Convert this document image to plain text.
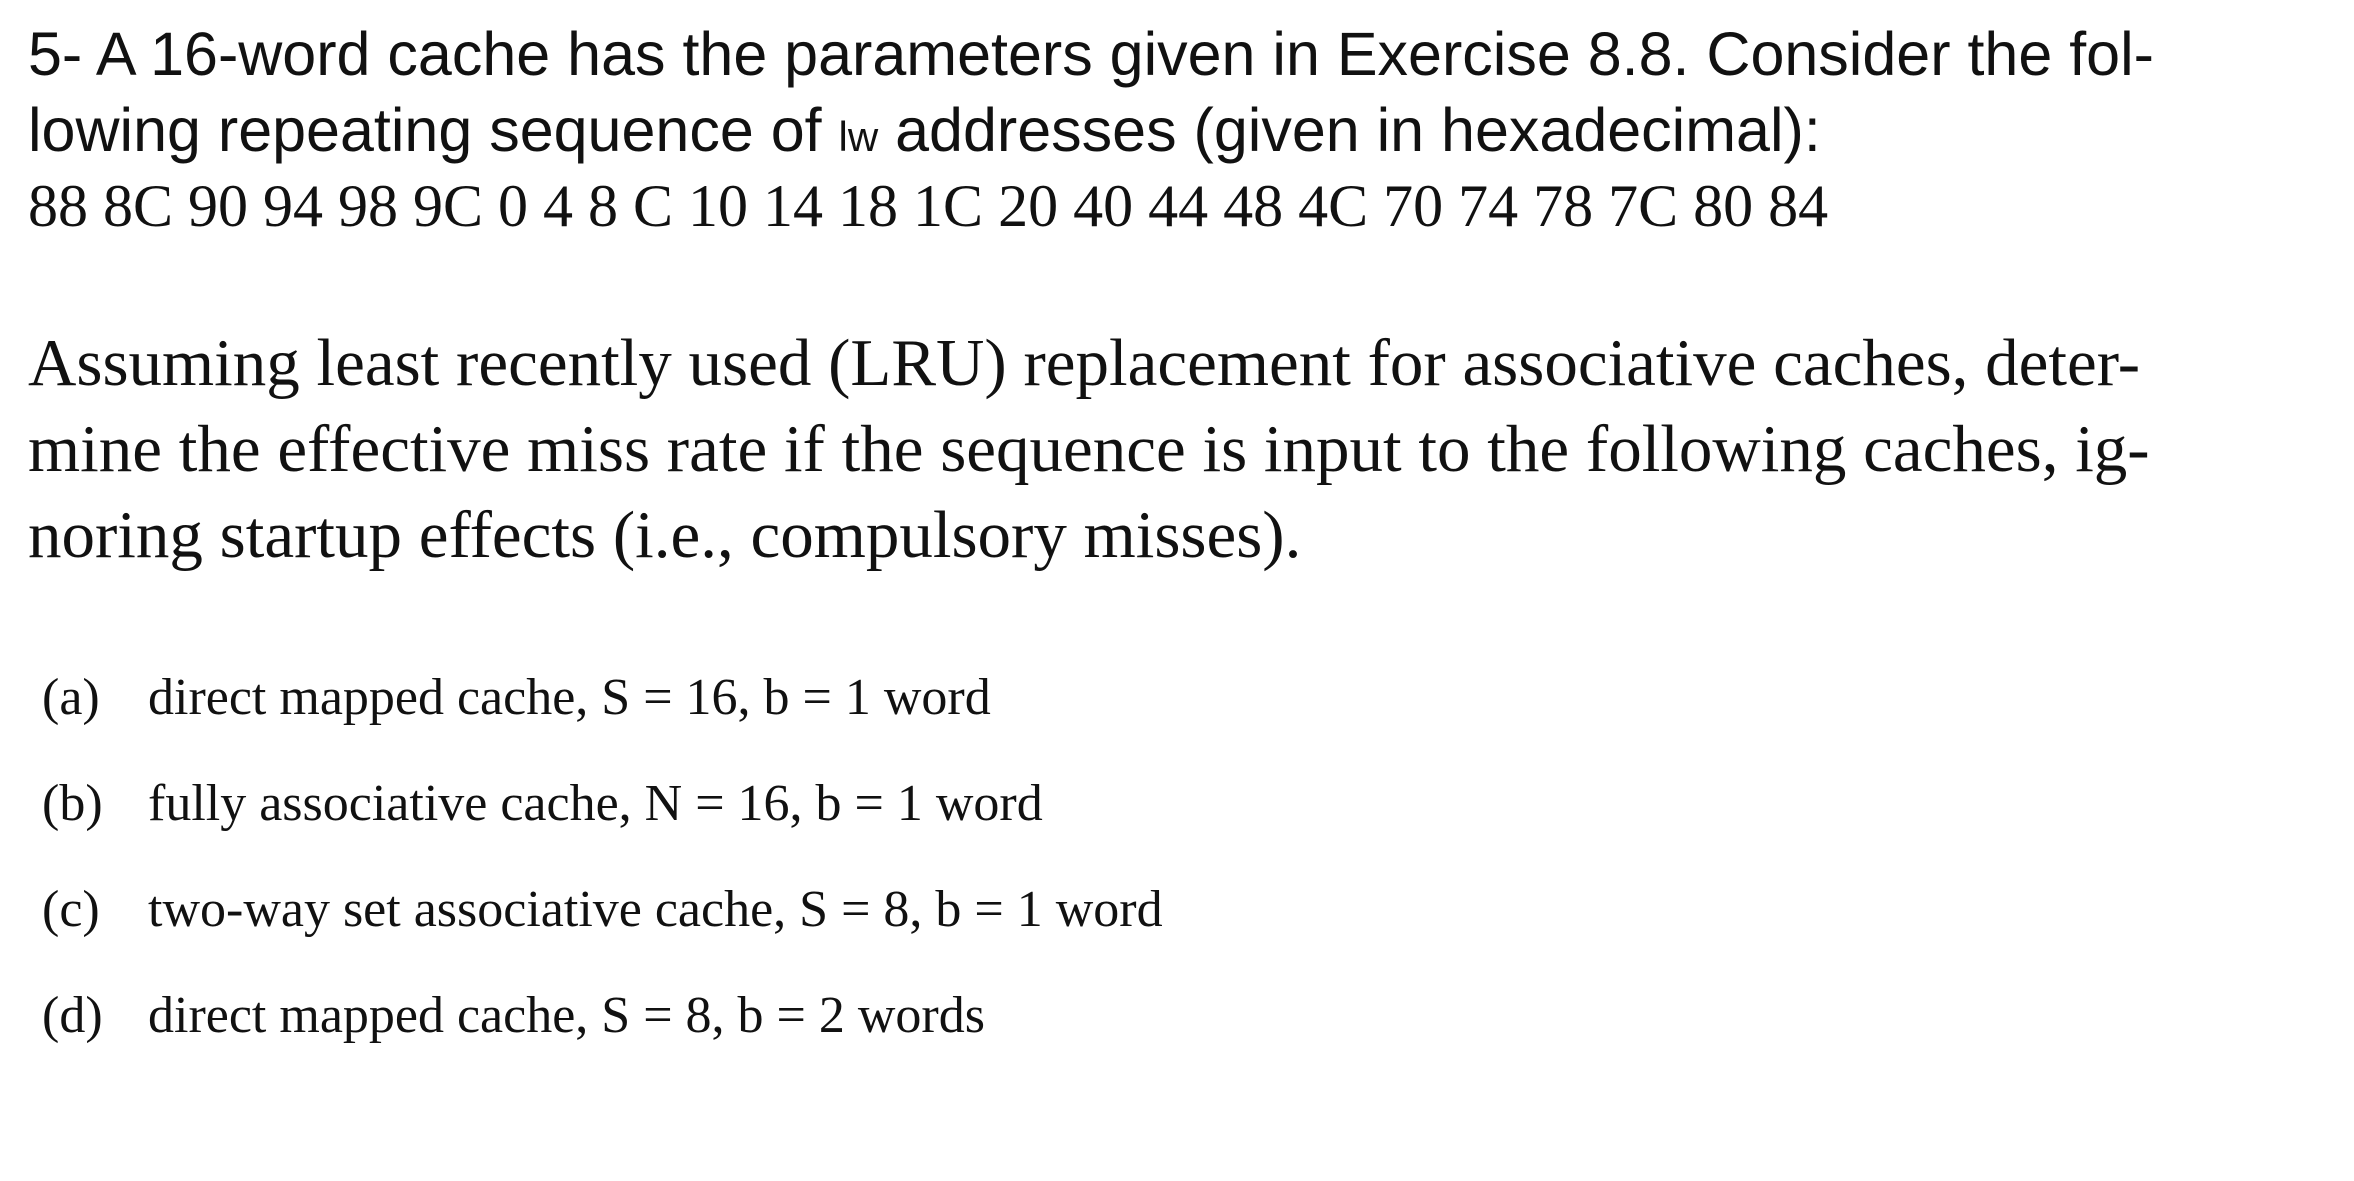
5- A 16-word cache has the parameters given in Exercise 8.8. Consider the fol-
lowing repeating sequence of lw addresses (given in hexadecimal):
88 8C 90 94 98 9C 0 4 8 C 10 14 18 1C 20 40 44 48 4C 70 74 78 7C 80 84
Assuming least recently used (LRU) replacement for associative caches, deter-
mine the effective miss rate if the sequence is input to the following caches, ig-
noring startup effects (i.e., compulsory misses).
(a) direct mapped cache, S = 16, b = 1 word
(b) fully associative cache, N = 16, b = 1 word
(c) two-way set associative cache, S = 8, b = 1 word
(d) direct mapped cache, S = 8, b = 2 words
